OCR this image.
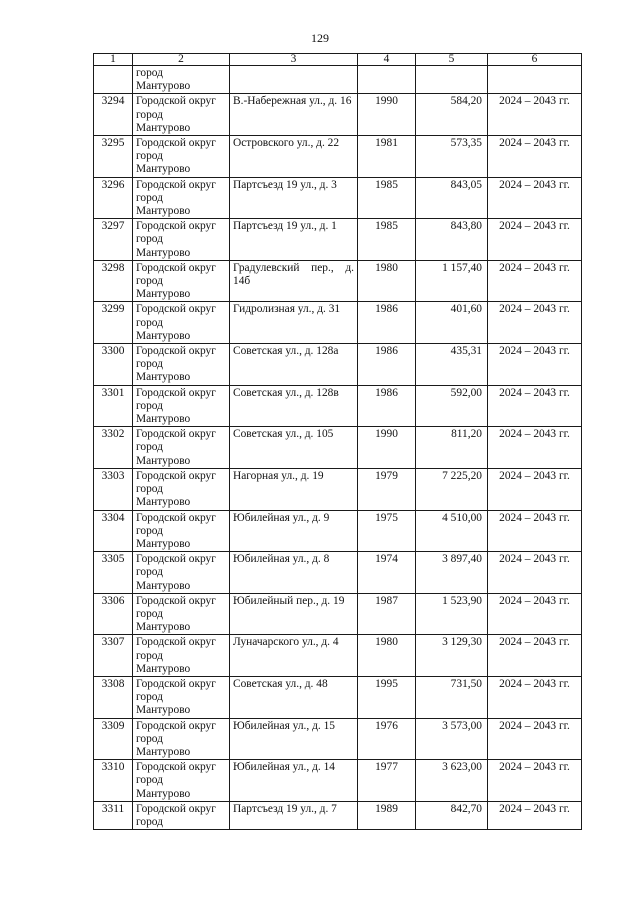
129
1	2	3	4	5	6
	город
Мантурово				
3294	Городской округ
город
Мантурово	В.-Набережная ул., д. 16	1990	584,20	2024 – 2043 гг.
3295	Городской округ
город
Мантурово	Островского ул., д. 22	1981	573,35	2024 – 2043 гг.
3296	Городской округ
город
Мантурово	Партсъезд 19 ул., д. 3	1985	843,05	2024 – 2043 гг.
3297	Городской округ
город
Мантурово	Партсъезд 19 ул., д. 1	1985	843,80	2024 – 2043 гг.
3298	Городской округ
город
Мантурово	Градулевский пер., д. 14б	1980	1 157,40	2024 – 2043 гг.
3299	Городской округ
город
Мантурово	Гидролизная ул., д. 31	1986	401,60	2024 – 2043 гг.
3300	Городской округ
город
Мантурово	Советская ул., д. 128а	1986	435,31	2024 – 2043 гг.
3301	Городской округ
город
Мантурово	Советская ул., д. 128в	1986	592,00	2024 – 2043 гг.
3302	Городской округ
город
Мантурово	Советская ул., д. 105	1990	811,20	2024 – 2043 гг.
3303	Городской округ
город
Мантурово	Нагорная ул., д. 19	1979	7 225,20	2024 – 2043 гг.
3304	Городской округ
город
Мантурово	Юбилейная ул., д. 9	1975	4 510,00	2024 – 2043 гг.
3305	Городской округ
город
Мантурово	Юбилейная ул., д. 8	1974	3 897,40	2024 – 2043 гг.
3306	Городской округ
город
Мантурово	Юбилейный пер., д. 19	1987	1 523,90	2024 – 2043 гг.
3307	Городской округ
город
Мантурово	Луначарского ул., д. 4	1980	3 129,30	2024 – 2043 гг.
3308	Городской округ
город
Мантурово	Советская ул., д. 48	1995	731,50	2024 – 2043 гг.
3309	Городской округ
город
Мантурово	Юбилейная ул., д. 15	1976	3 573,00	2024 – 2043 гг.
3310	Городской округ
город
Мантурово	Юбилейная ул., д. 14	1977	3 623,00	2024 – 2043 гг.
3311	Городской округ
город	Партсъезд 19 ул., д. 7	1989	842,70	2024 – 2043 гг.
